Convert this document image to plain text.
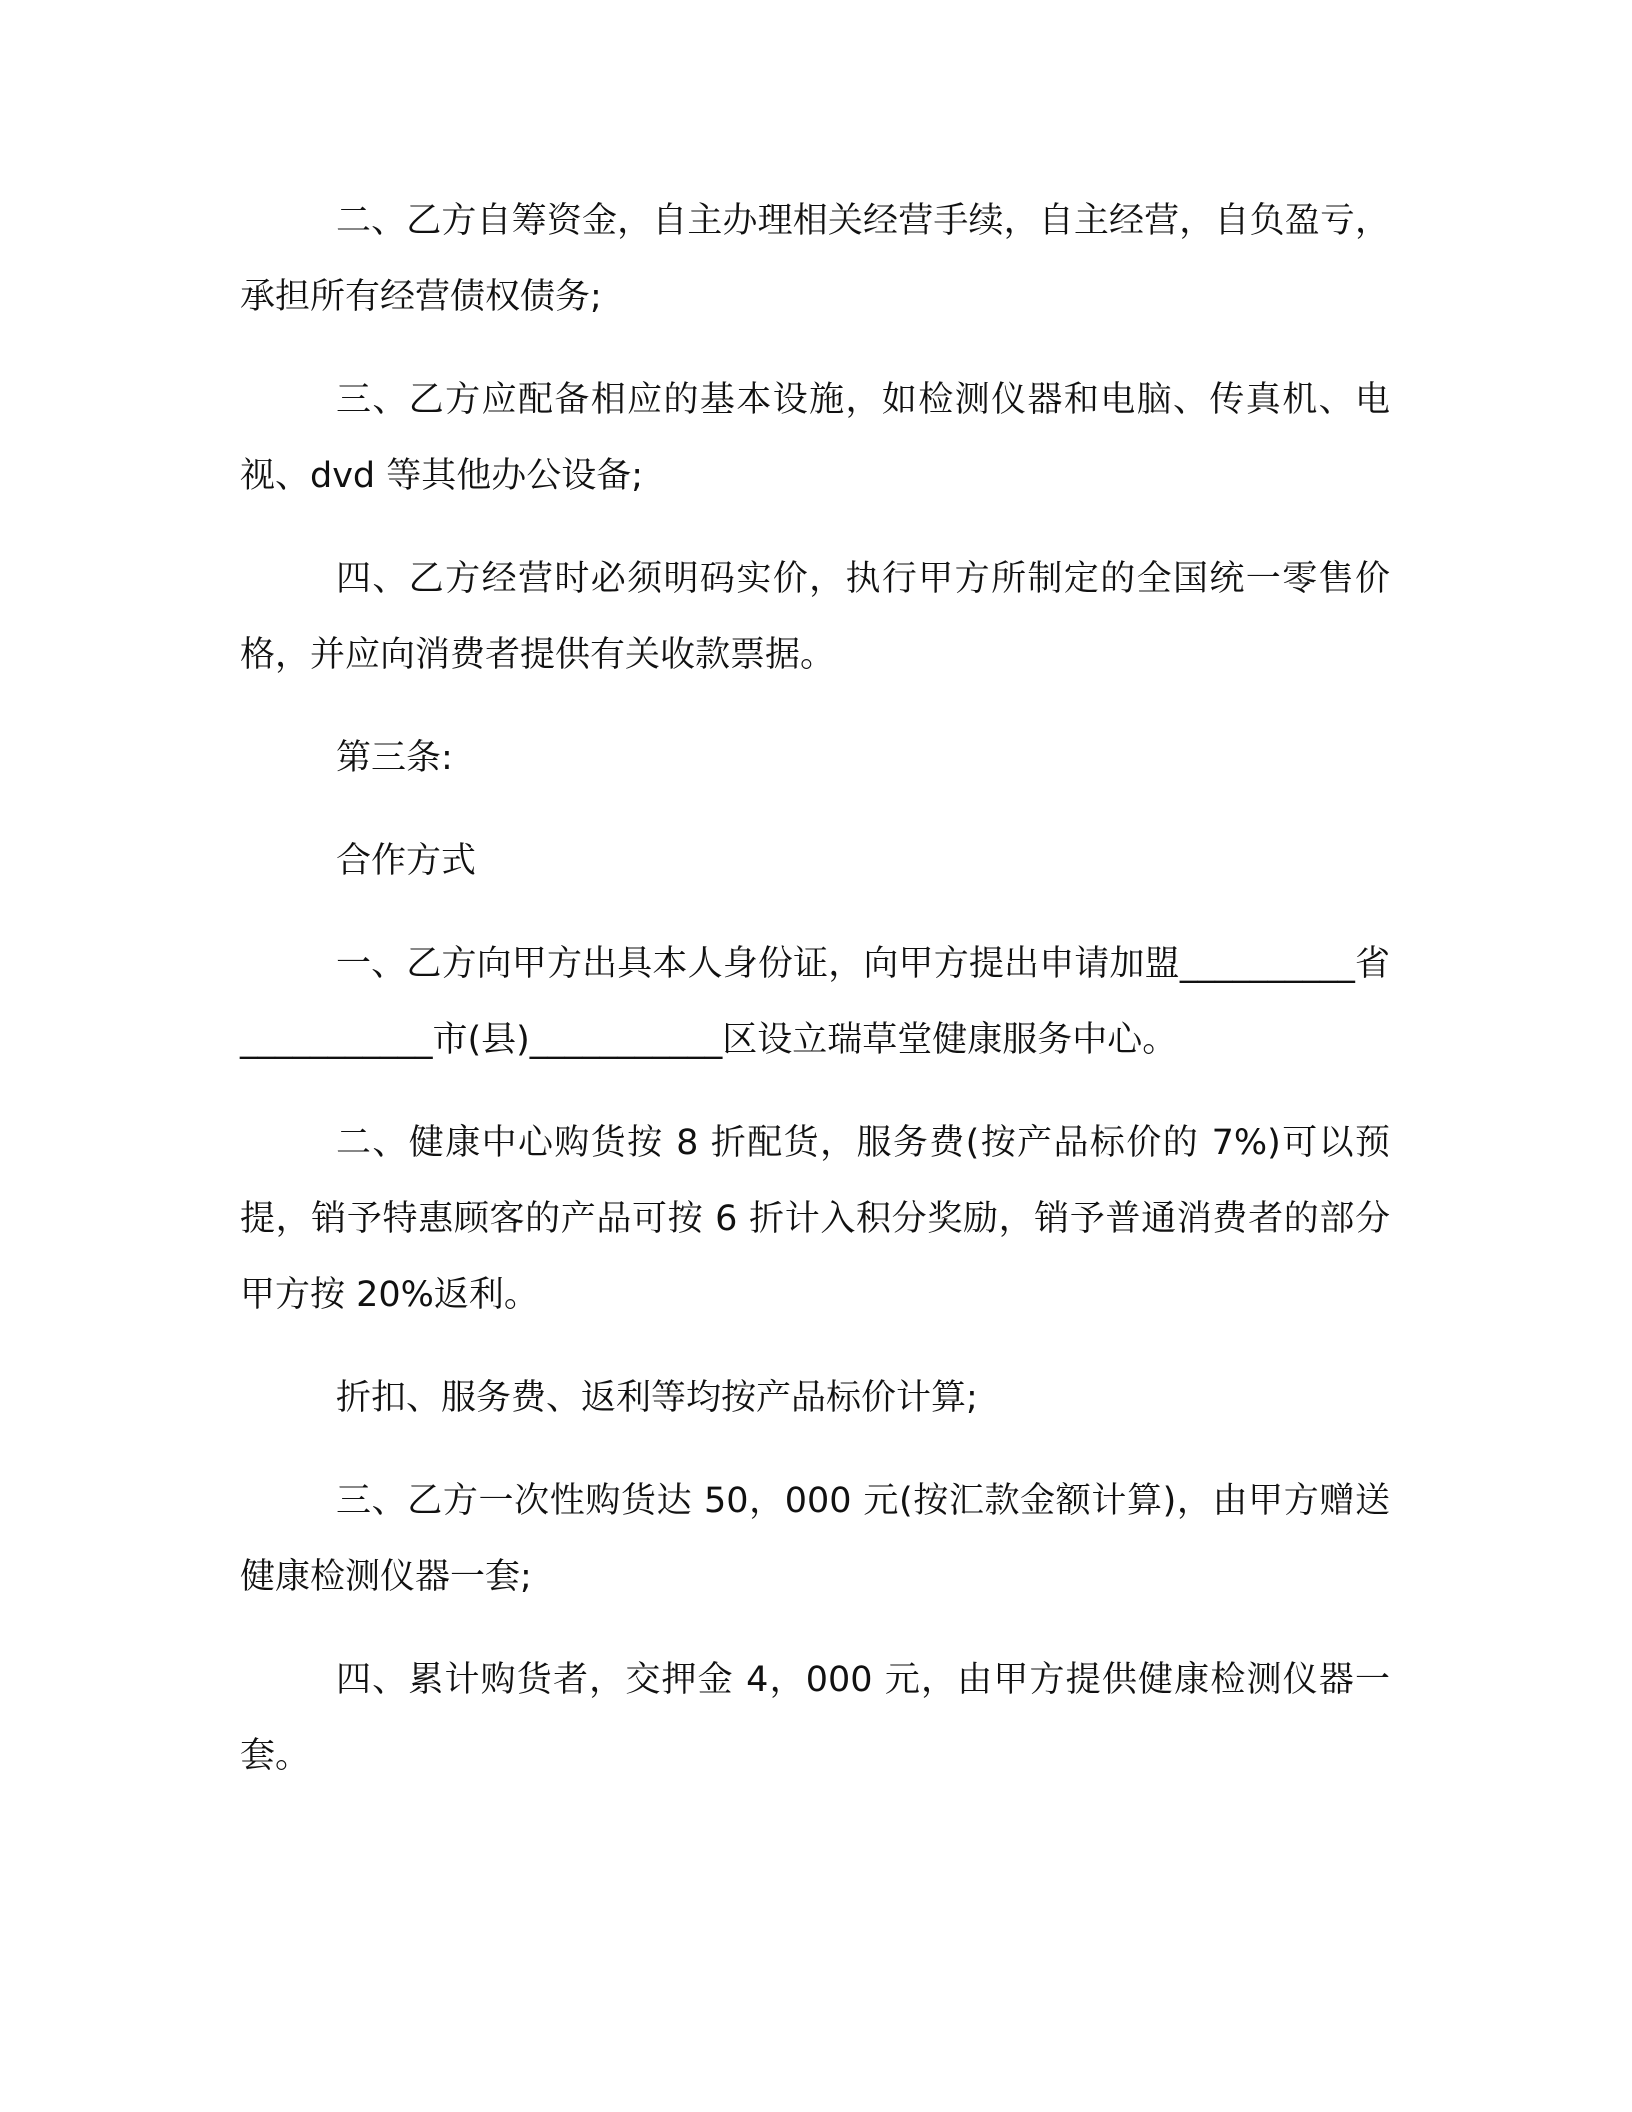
二、乙方自筹资金，自主办理相关经营手续，自主经营，自负盈亏，承担所有经营债权债务;

三、乙方应配备相应的基本设施，如检测仪器和电脑、传真机、电视、dvd 等其他办公设备;

四、乙方经营时必须明码实价，执行甲方所制定的全国统一零售价格，并应向消费者提供有关收款票据。

第三条:

合作方式

一、乙方向甲方出具本人身份证，向甲方提出申请加盟__________省___________市(县)___________区设立瑞草堂健康服务中心。

二、健康中心购货按 8 折配货，服务费(按产品标价的 7%)可以预提，销予特惠顾客的产品可按 6 折计入积分奖励，销予普通消费者的部分甲方按 20%返利。

折扣、服务费、返利等均按产品标价计算;

三、乙方一次性购货达 50，000 元(按汇款金额计算)，由甲方赠送健康检测仪器一套;

四、累计购货者，交押金 4，000 元，由甲方提供健康检测仪器一套。
